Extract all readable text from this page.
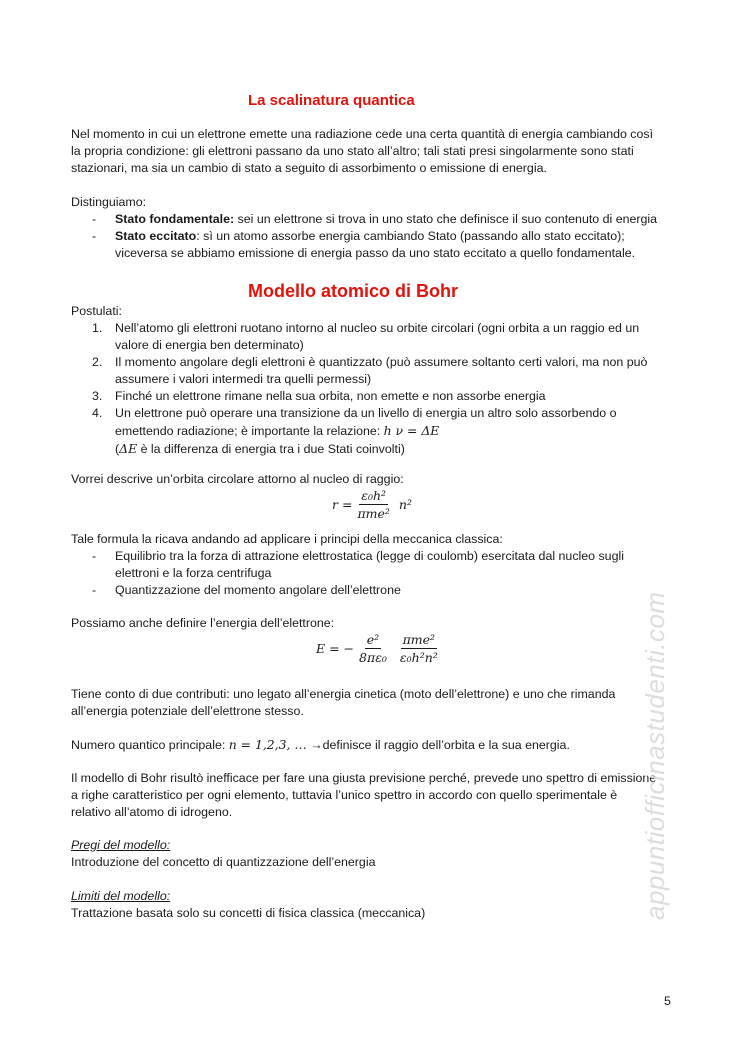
La scalinatura quantica
Nel momento in cui un elettrone emette una radiazione cede una certa quantità di energia cambiando così
la propria condizione: gli elettroni passano da uno stato all’altro; tali stati presi singolarmente sono stati
stazionari, ma sia un cambio di stato a seguito di assorbimento o emissione di energia.
Distinguiamo:
- Stato fondamentale: sei un elettrone si trova in uno stato che definisce il suo contenuto di energia
- Stato eccitato: sì un atomo assorbe energia cambiando Stato (passando allo stato eccitato);
viceversa se abbiamo emissione di energia passo da uno stato eccitato a quello fondamentale.
Modello atomico di Bohr
Postulati:
1. Nell’atomo gli elettroni ruotano intorno al nucleo su orbite circolari (ogni orbita a un raggio ed un
valore di energia ben determinato)
2. Il momento angolare degli elettroni è quantizzato (può assumere soltanto certi valori, ma non può
assumere i valori intermedi tra quelli permessi)
3. Finché un elettrone rimane nella sua orbita, non emette e non assorbe energia
4. Un elettrone può operare una transizione da un livello di energia un altro solo assorbendo o
emettendo radiazione; è importante la relazione: h ν = ΔE
(ΔE è la differenza di energia tra i due Stati coinvolti)
Vorrei descrive un’orbita circolare attorno al nucleo di raggio:
$r = \frac{\text{ε₀h²}}{\text{πme²}} n^2$
Tale formula la ricava andando ad applicare i principi della meccanica classica:
- Equilibrio tra la forza di attrazione elettrostatica (legge di coulomb) esercitata dal nucleo sugli
elettroni e la forza centrifuga
- Quantizzazione del momento angolare dell’elettrone
Possiamo anche definire l’energia dell’elettrone:
E = − $\frac{\text{e²}}{\text{8πε₀}} \frac{\text{πme²}}{\text{ε₀h²n²}}$
Tiene conto di due contributi: uno legato all’energia cinetica (moto dell’elettrone) e uno che rimanda
all’energia potenziale dell’elettrone stesso.
Numero quantico principale: n = 1,2,3, … →definisce il raggio dell’orbita e la sua energia.
Il modello di Bohr risultò inefficace per fare una giusta previsione perché, prevede uno spettro di emissione
a righe caratteristico per ogni elemento, tuttavia l’unico spettro in accordo con quello sperimentale è
relativo all’atomo di idrogeno.
Pregi del modello:
Introduzione del concetto di quantizzazione dell’energia
Limiti del modello:
Trattazione basata solo su concetti di fisica classica (meccanica)	appuntiofficinastudenti.com
5
